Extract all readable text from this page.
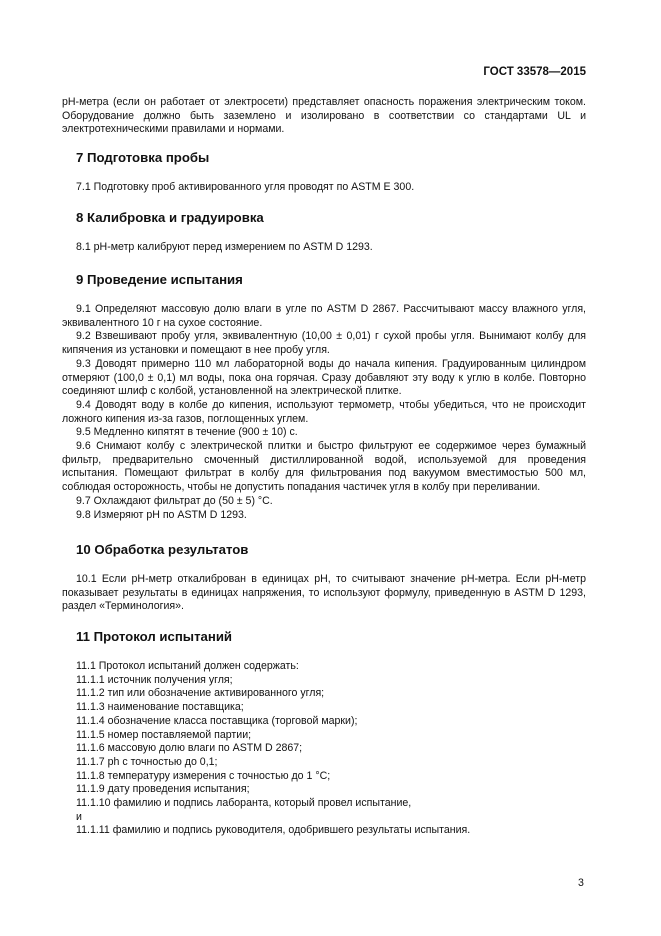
ГОСТ 33578—2015

pH-метра (если он работает от электросети) представляет опасность поражения электрическим током. Оборудование должно быть заземлено и изолировано в соответствии со стандартами UL и электротехническими правилами и нормами.

7 Подготовка пробы

7.1 Подготовку проб активированного угля проводят по ASTM E 300.

8 Калибровка и градуировка

8.1 pH-метр калибруют перед измерением по ASTM D 1293.

9 Проведение испытания

9.1 Определяют массовую долю влаги в угле по ASTM D 2867. Рассчитывают массу влажного угля, эквивалентного 10 г на сухое состояние.

9.2 Взвешивают пробу угля, эквивалентную (10,00 ± 0,01) г сухой пробы угля. Вынимают колбу для кипячения из установки и помещают в нее пробу угля.

9.3 Доводят примерно 110 мл лабораторной воды до начала кипения. Градуированным цилиндром отмеряют (100,0 ± 0,1) мл воды, пока она горячая. Сразу добавляют эту воду к углю в колбе. Повторно соединяют шлиф с колбой, установленной на электрической плитке.

9.4 Доводят воду в колбе до кипения, используют термометр, чтобы убедиться, что не происходит ложного кипения из-за газов, поглощенных углем.

9.5 Медленно кипятят в течение (900 ± 10) с.

9.6 Снимают колбу с электрической плитки и быстро фильтруют ее содержимое через бумажный фильтр, предварительно смоченный дистиллированной водой, используемой для проведения испытания. Помещают фильтрат в колбу для фильтрования под вакуумом вместимостью 500 мл, соблюдая осторожность, чтобы не допустить попадания частичек угля в колбу при переливании.

9.7 Охлаждают фильтрат до (50 ± 5) °С.

9.8 Измеряют pH по ASTM D 1293.

10 Обработка результатов

10.1 Если pH-метр откалиброван в единицах pH, то считывают значение pH-метра. Если pH-метр показывает результаты в единицах напряжения, то используют формулу, приведенную в ASTM D 1293, раздел «Терминология».

11 Протокол испытаний
11.1 Протокол испытаний должен содержать:
11.1.1 источник получения угля;
11.1.2 тип или обозначение активированного угля;
11.1.3 наименование поставщика;
11.1.4 обозначение класса поставщика (торговой марки);
11.1.5 номер поставляемой партии;
11.1.6 массовую долю влаги по ASTM D 2867;
11.1.7 ph с точностью до 0,1;
11.1.8 температуру измерения с точностью до 1 °С;
11.1.9 дату проведения испытания;
11.1.10 фамилию и подпись лаборанта, который провел испытание,
и
11.1.11 фамилию и подпись руководителя, одобрившего результаты испытания.
3
